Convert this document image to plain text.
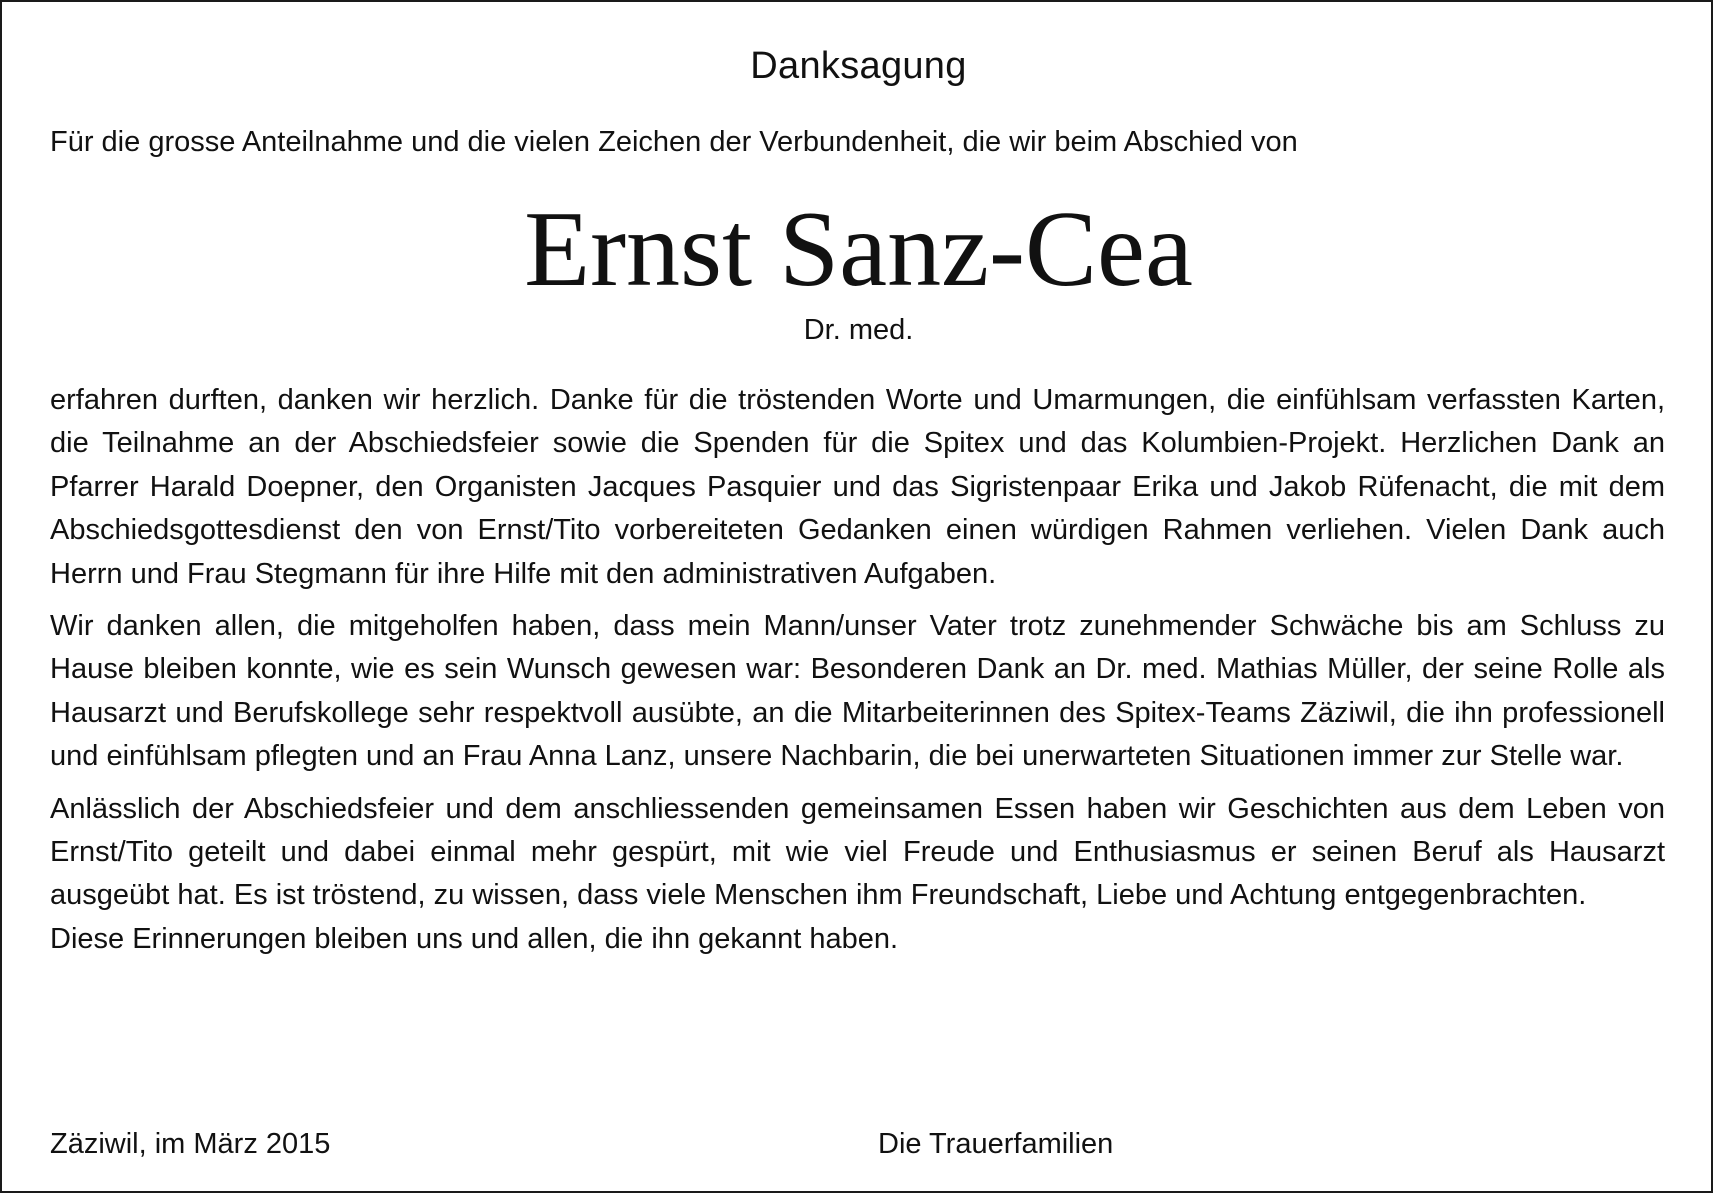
Danksagung
Für die grosse Anteilnahme und die vielen Zeichen der Verbundenheit, die wir beim Abschied von
Ernst Sanz-Cea
Dr. med.

erfahren durften, danken wir herzlich. Danke für die tröstenden Worte und Umarmungen, die einfühlsam verfassten Karten, die Teilnahme an der Abschiedsfeier sowie die Spenden für die Spitex und das Kolumbien-Projekt. Herzlichen Dank an Pfarrer Harald Doepner, den Organisten Jacques Pasquier und das Sigristenpaar Erika und Jakob Rüfenacht, die mit dem Abschiedsgottesdienst den von Ernst/Tito vorbereiteten Gedanken einen würdigen Rahmen verliehen. Vielen Dank auch Herrn und Frau Stegmann für ihre Hilfe mit den administrativen Aufgaben.

Wir danken allen, die mitgeholfen haben, dass mein Mann/unser Vater trotz zunehmender Schwäche bis am Schluss zu Hause bleiben konnte, wie es sein Wunsch gewesen war: Besonderen Dank an Dr. med. Mathias Müller, der seine Rolle als Hausarzt und Berufskollege sehr respektvoll ausübte, an die Mitarbeiterinnen des Spitex-Teams Zäziwil, die ihn professionell und einfühlsam pflegten und an Frau Anna Lanz, unsere Nachbarin, die bei unerwarteten Situationen immer zur Stelle war.

Anlässlich der Abschiedsfeier und dem anschliessenden gemeinsamen Essen haben wir Geschichten aus dem Leben von Ernst/Tito geteilt und dabei einmal mehr gespürt, mit wie viel Freude und Enthusiasmus er seinen Beruf als Hausarzt ausgeübt hat. Es ist tröstend, zu wissen, dass viele Menschen ihm Freundschaft, Liebe und Achtung entgegenbrachten.

Diese Erinnerungen bleiben uns und allen, die ihn gekannt haben.

Zäziwil, im März 2015	Die Trauerfamilien
